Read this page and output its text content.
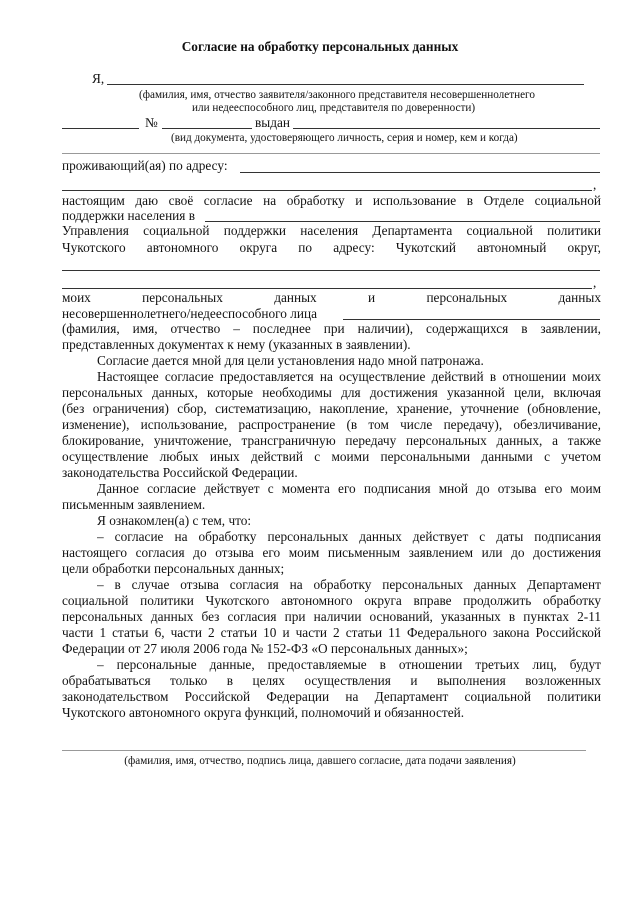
Согласие на обработку персональных данных
Я,
(фамилия, имя, отчество заявителя/законного представителя несовершеннолетнего
или недееспособного лиц, представителя по доверенности)
№	выдан
(вид документа, удостоверяющего личность, серия и номер, кем и когда)
проживающий(ая) по адресу:
,
настоящим даю своё согласие на обработку и использование в Отделе социальной
поддержки населения в
Управления социальной поддержки населения Департамента социальной политики
Чукотского автономного округа по адресу: Чукотский автономный округ,
,
моих персональных данных и персональных данных
несовершеннолетнего/недееспособного лица
(фамилия, имя, отчество – последнее при наличии), содержащихся в заявлении,
представленных документах к нему (указанных в заявлении).
Согласие дается мной для цели установления надо мной патронажа.
Настоящее согласие предоставляется на осуществление действий в отношении моих
персональных данных, которые необходимы для достижения указанной цели, включая
(без ограничения) сбор, систематизацию, накопление, хранение, уточнение (обновление,
изменение), использование, распространение (в том числе передачу), обезличивание,
блокирование, уничтожение, трансграничную передачу персональных данных, а также
осуществление любых иных действий с моими персональными данными с учетом
законодательства Российской Федерации.
Данное согласие действует с момента его подписания мной до отзыва его моим
письменным заявлением.
Я ознакомлен(а) с тем, что:
– согласие на обработку персональных данных действует с даты подписания
настоящего согласия до отзыва его моим письменным заявлением или до достижения
цели обработки персональных данных;
– в случае отзыва согласия на обработку персональных данных Департамент
социальной политики Чукотского автономного округа вправе продолжить обработку
персональных данных без согласия при наличии оснований, указанных в пунктах 2-11
части 1 статьи 6, части 2 статьи 10 и части 2 статьи 11 Федерального закона Российской
Федерации от 27 июля 2006 года № 152-ФЗ «О персональных данных»;
– персональные данные, предоставляемые в отношении третьих лиц, будут
обрабатываться только в целях осуществления и выполнения возложенных
законодательством Российской Федерации на Департамент социальной политики
Чукотского автономного округа функций, полномочий и обязанностей.
(фамилия, имя, отчество, подпись лица, давшего согласие, дата подачи заявления)
